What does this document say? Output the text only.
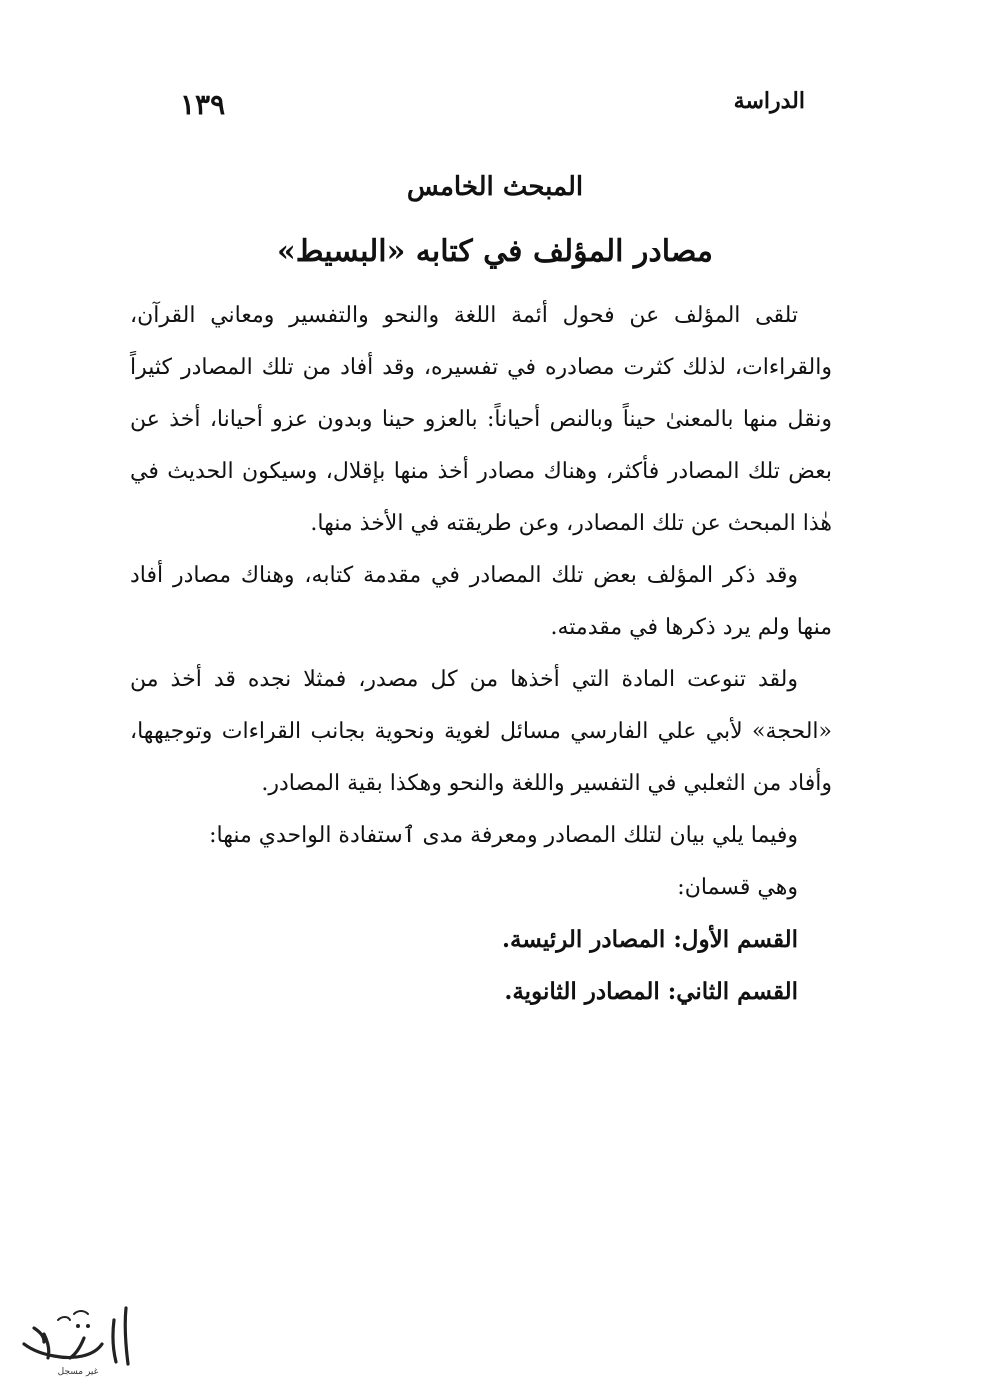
الدراسة
١٣٩
المبحث الخامس
مصادر المؤلف في كتابه «البسيط»

تلقى المؤلف عن فحول أئمة اللغة والنحو والتفسير ومعاني القرآن، والقراءات، لذلك كثرت مصادره في تفسيره، وقد أفاد من تلك المصادر كثيراً ونقل منها بالمعنىٰ حيناً وبالنص أحياناً: بالعزو حينا وبدون عزو أحيانا، أخذ عن بعض تلك المصادر فأكثر، وهناك مصادر أخذ منها بإقلال، وسيكون الحديث في هٰذا المبحث عن تلك المصادر، وعن طريقته في الأخذ منها.

وقد ذكر المؤلف بعض تلك المصادر في مقدمة كتابه، وهناك مصادر أفاد منها ولم يرد ذكرها في مقدمته.

ولقد تنوعت المادة التي أخذها من كل مصدر، فمثلا نجده قد أخذ من «الحجة» لأبي علي الفارسي مسائل لغوية ونحوية بجانب القراءات وتوجيهها، وأفاد من الثعلبي في التفسير واللغة والنحو وهكذا بقية المصادر.

وفيما يلي بيان لتلك المصادر ومعرفة مدى ٱستفادة الواحدي منها:

وهي قسمان:

القسم الأول: المصادر الرئيسة.
القسم الثاني: المصادر الثانوية.
غير مسجل
